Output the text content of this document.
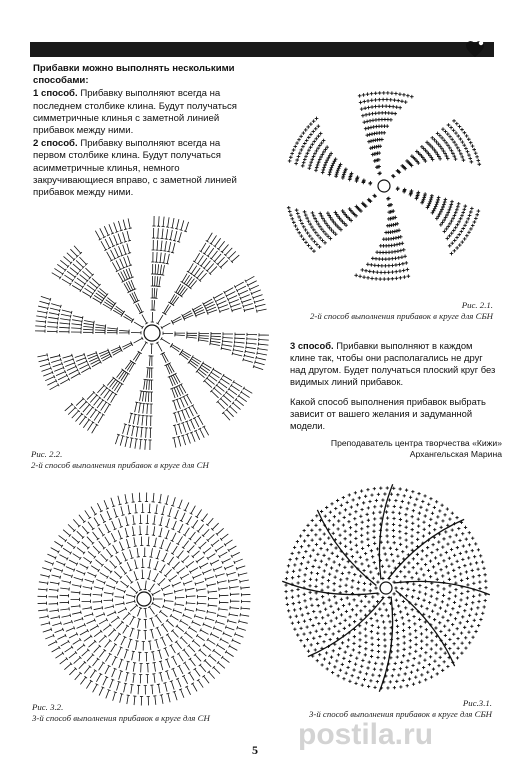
Прибавки можно выполнять несколькими способами:

1 способ. Прибавку выполняют всегда на последнем столбике клина. Будут получаться симметричные клинья с заметной линией прибавок между ними.

2 способ. Прибавку выполняют всегда на первом столбике клина. Будут получаться асимметричные клинья, немного закручивающиеся вправо, с заметной линией прибавок между ними.

Рис. 2.1.
2-й способ выполнения прибавок в круге для СБН
Рис. 2.2.
2-й способ выполнения прибавок в круге для СН

3 способ. Прибавки выполняют в каждом клине так, чтобы они располагались не друг над другом. Будет получаться плоский круг без видимых линий прибавок.

Какой способ выполнения прибавок выбрать зависит от вашего желания и задуманной модели.

Преподаватель центра творчества «Кижи»
Архангельская Марина
Рис. 3.2.
3-й способ выполнения прибавок в круге для СН
Рис.3.1.
3-й способ выполнения прибавок в круге для СБН
postila.ru
5
